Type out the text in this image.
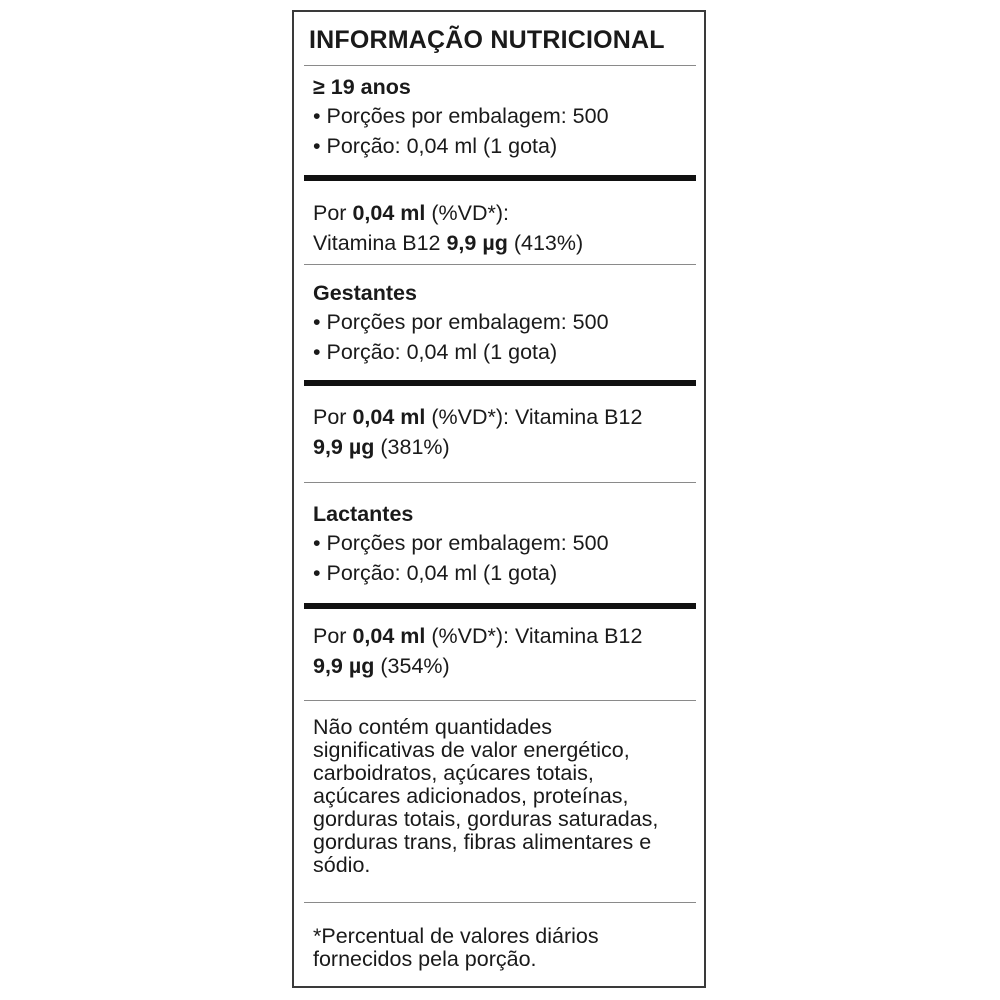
INFORMAÇÃO NUTRICIONAL
≥ 19 anos
• Porções por embalagem: 500
• Porção: 0,04 ml (1 gota)
Por 0,04 ml (%VD*):
Vitamina B12 9,9 µg (413%)
Gestantes
• Porções por embalagem: 500
• Porção: 0,04 ml (1 gota)
Por 0,04 ml (%VD*): Vitamina B12
9,9 µg (381%)
Lactantes
• Porções por embalagem: 500
• Porção: 0,04 ml (1 gota)
Por 0,04 ml (%VD*): Vitamina B12
9,9 µg (354%)
Não contém quantidades significativas de valor energético, carboidratos, açúcares totais, açúcares adicionados, proteínas, gorduras totais, gorduras saturadas, gorduras trans, fibras alimentares e sódio.
*Percentual de valores diários fornecidos pela porção.
